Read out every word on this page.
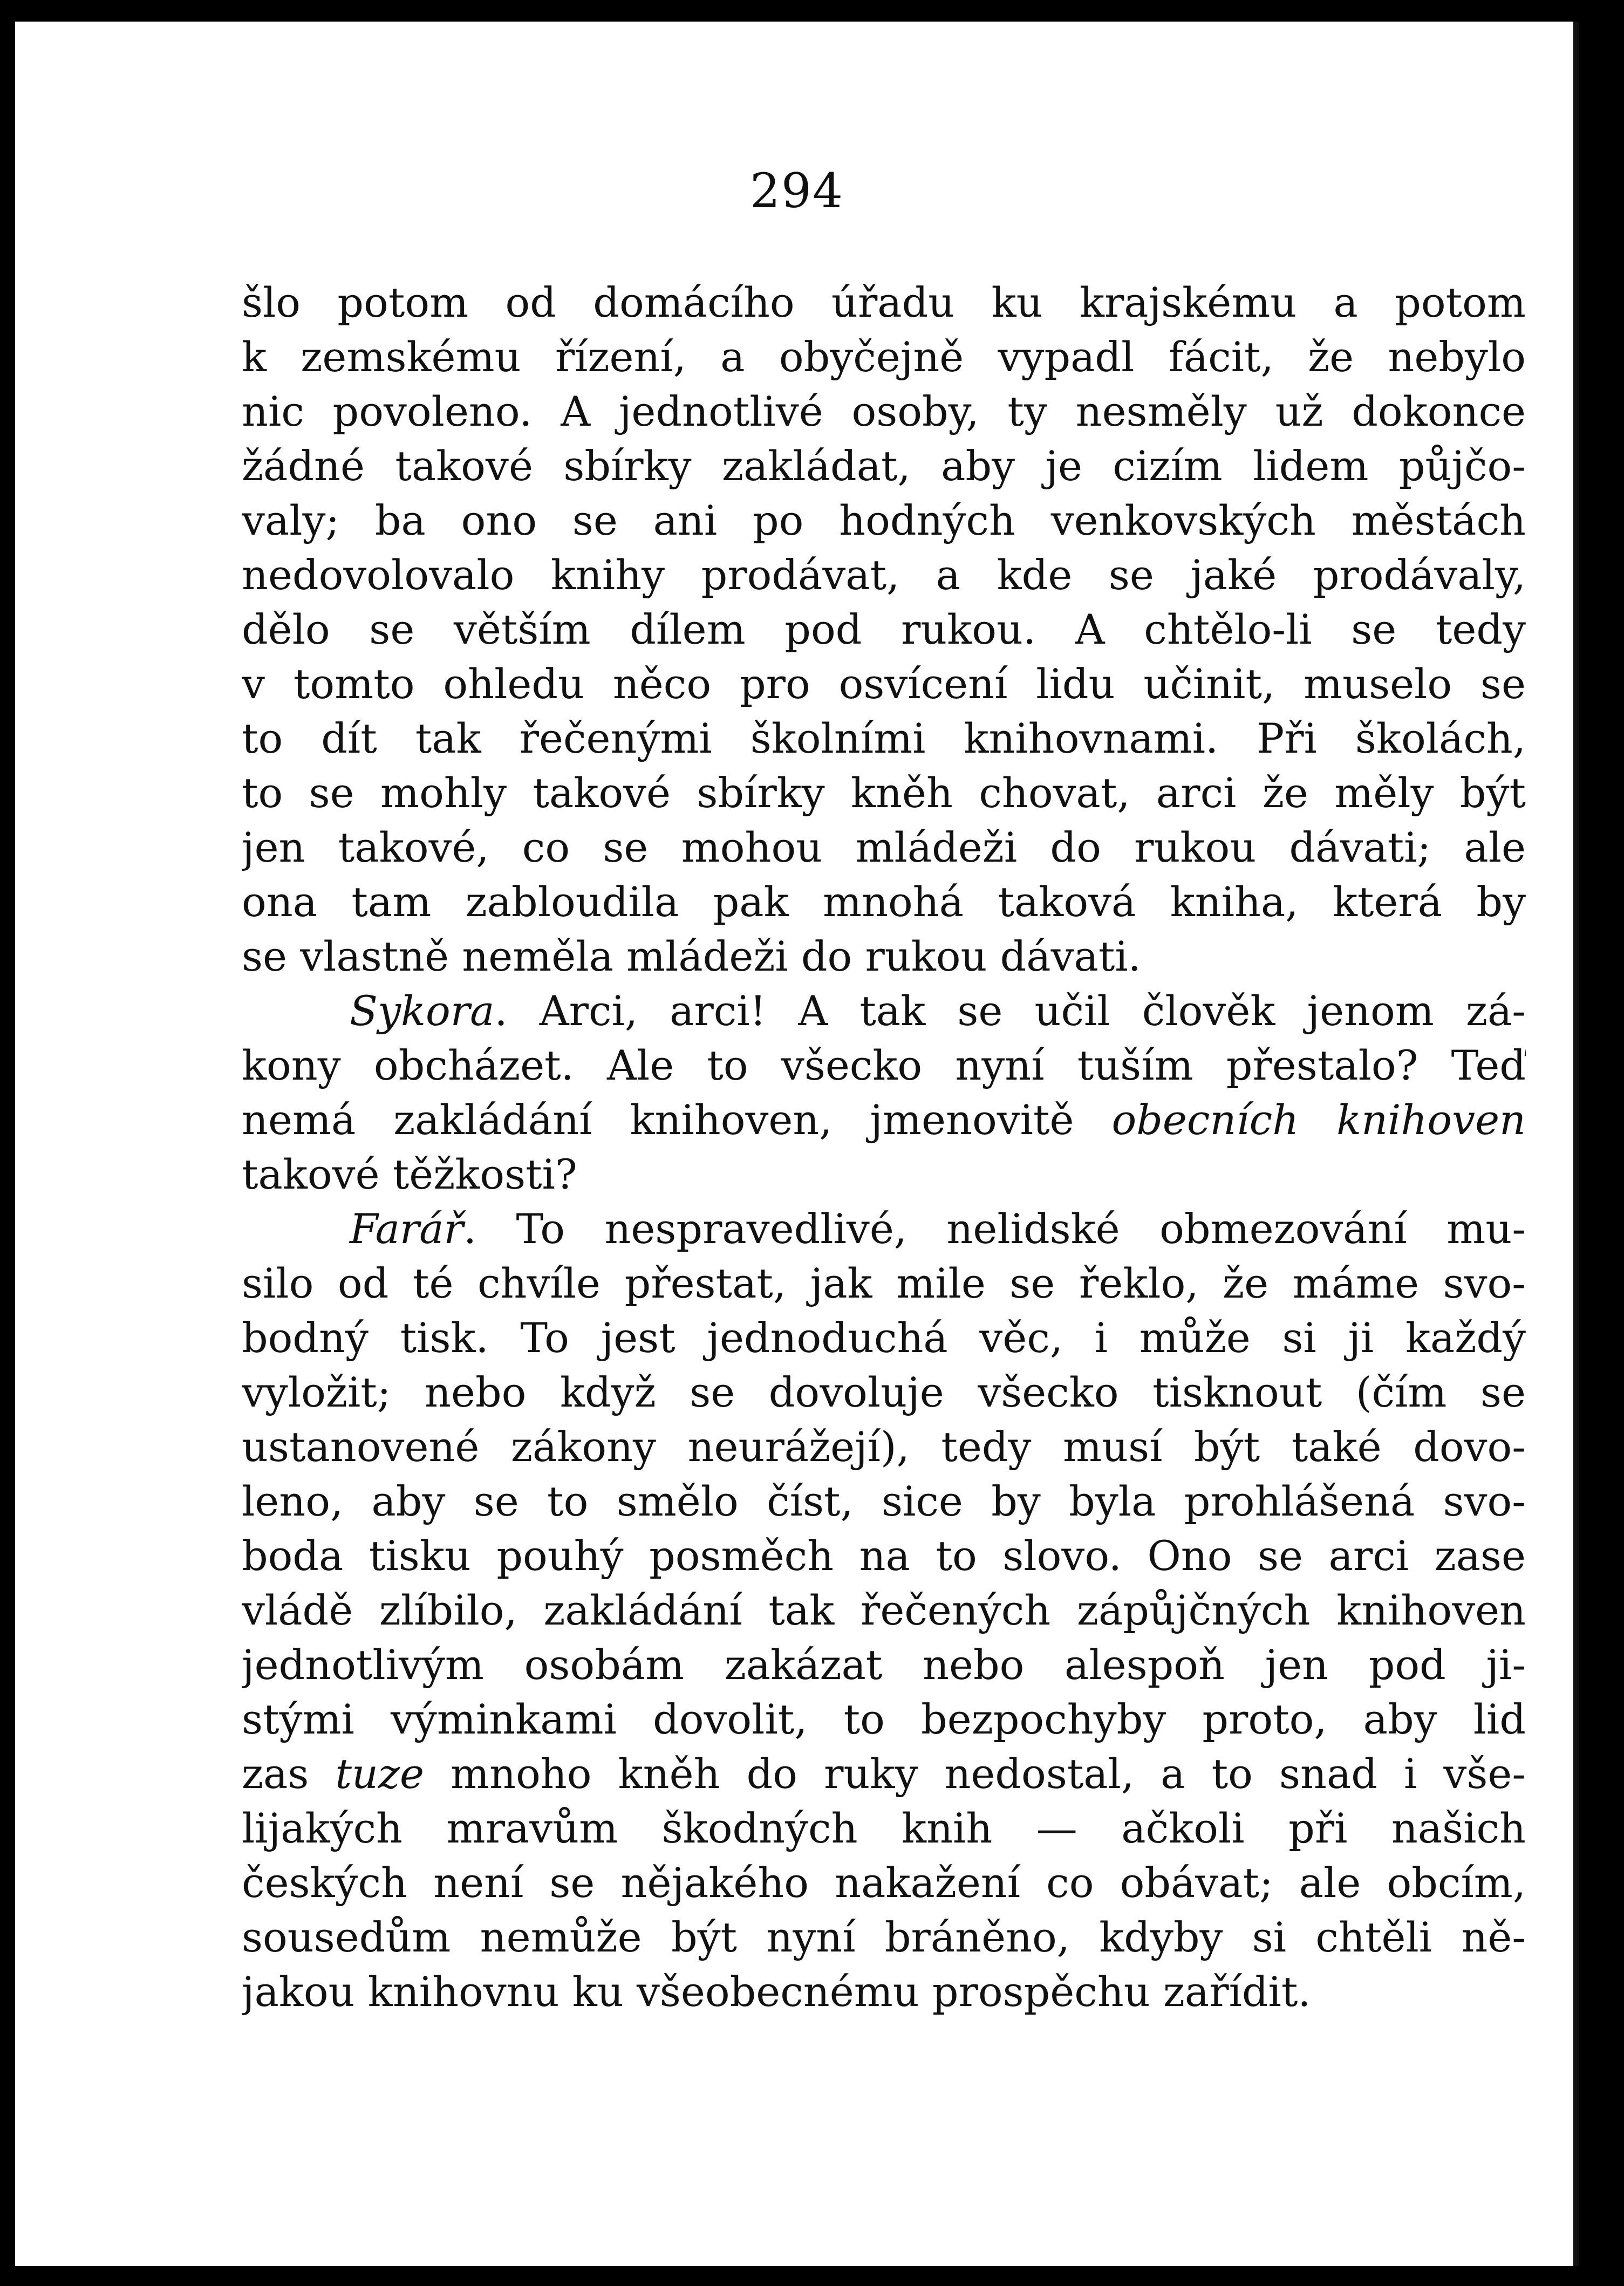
294
šlo potom od domácího úřadu ku krajskému a potom
k zemskému řízení, a obyčejně vypadl fácit, že nebylo
nic povoleno. A jednotlivé osoby, ty nesměly už dokonce
žádné takové sbírky zakládat, aby je cizím lidem půjčo-
valy; ba ono se ani po hodných venkovských městách
nedovolovalo knihy prodávat, a kde se jaké prodávaly,
dělo se větším dílem pod rukou. A chtělo-li se tedy
v tomto ohledu něco pro osvícení lidu učinit, muselo se
to dít tak řečenými školními knihovnami. Při školách,
to se mohly takové sbírky kněh chovat, arci že měly být
jen takové, co se mohou mládeži do rukou dávati; ale
ona tam zabloudila pak mnohá taková kniha, která by
se vlastně neměla mládeži do rukou dávati.
Sykora. Arci, arci! A tak se učil člověk jenom zá-
kony obcházet. Ale to všecko nyní tuším přestalo? Teď
nemá zakládání knihoven, jmenovitě obecních knihoven
takové těžkosti?
Farář. To nespravedlivé, nelidské obmezování mu-
silo od té chvíle přestat, jak mile se řeklo, že máme svo-
bodný tisk. To jest jednoduchá věc, i může si ji každý
vyložit; nebo když se dovoluje všecko tisknout (čím se
ustanovené zákony neurážejí), tedy musí být také dovo-
leno, aby se to smělo číst, sice by byla prohlášená svo-
boda tisku pouhý posměch na to slovo. Ono se arci zase
vládě zlíbilo, zakládání tak řečených zápůjčných knihoven
jednotlivým osobám zakázat nebo alespoň jen pod ji-
stými výminkami dovolit, to bezpochyby proto, aby lid
zas tuze mnoho kněh do ruky nedostal, a to snad i vše-
lijakých mravům škodných knih — ačkoli při našich
českých není se nějakého nakažení co obávat; ale obcím,
sousedům nemůže být nyní bráněno, kdyby si chtěli ně-
jakou knihovnu ku všeobecnému prospěchu zařídit.
